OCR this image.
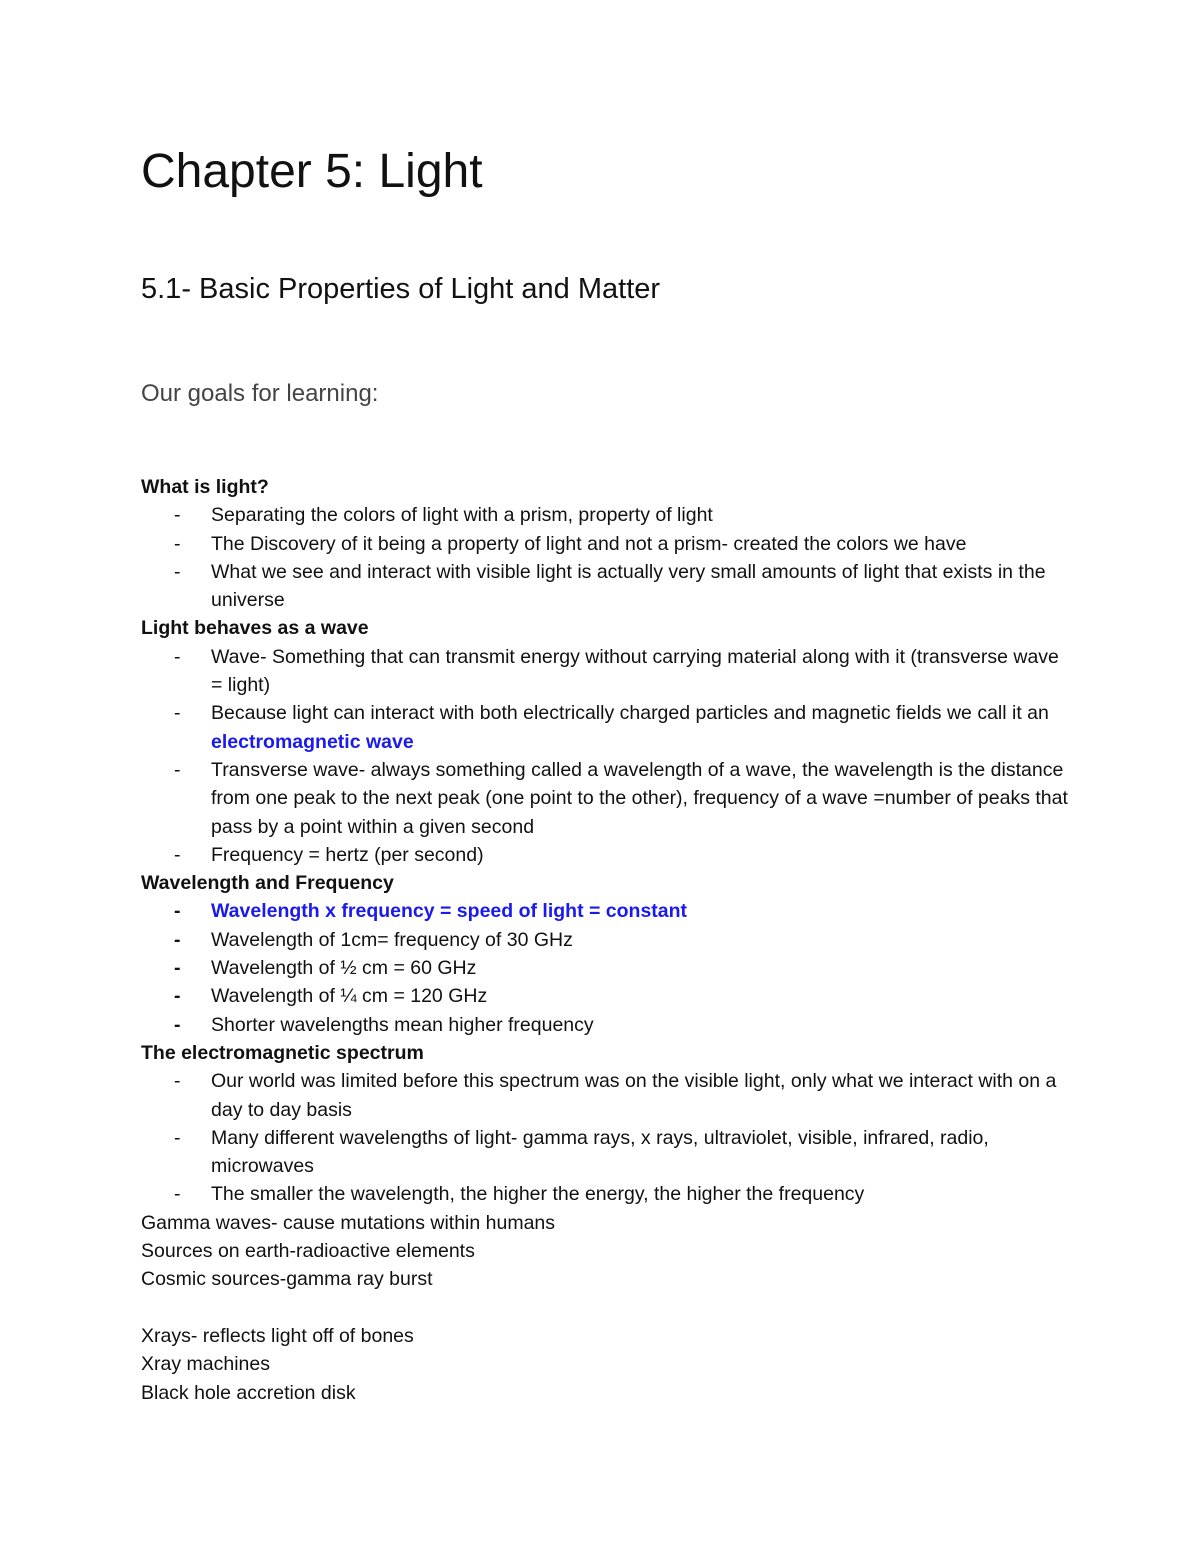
Chapter 5: Light
5.1- Basic Properties of Light and Matter
Our goals for learning:

What is light?

- Separating the colors of light with a prism, property of light
- The Discovery of it being a property of light and not a prism- created the colors we have
- What we see and interact with visible light is actually very small amounts of light that exists in the universe

Light behaves as a wave

- Wave- Something that can transmit energy without carrying material along with it (transverse wave = light)
- Because light can interact with both electrically charged particles and magnetic fields we call it an electromagnetic wave
- Transverse wave- always something called a wavelength of a wave, the wavelength is the distance from one peak to the next peak (one point to the other), frequency of a wave =number of peaks that pass by a point within a given second
- Frequency = hertz (per second)

Wavelength and Frequency

- Wavelength x frequency = speed of light = constant
- Wavelength of 1cm= frequency of 30 GHz
- Wavelength of ½ cm = 60 GHz
- Wavelength of ¼ cm = 120 GHz
- Shorter wavelengths mean higher frequency

The electromagnetic spectrum

- Our world was limited before this spectrum was on the visible light, only what we interact with on a day to day basis
- Many different wavelengths of light- gamma rays, x rays, ultraviolet, visible, infrared, radio, microwaves
- The smaller the wavelength, the higher the energy, the higher the frequency

Gamma waves- cause mutations within humans

Sources on earth-radioactive elements

Cosmic sources-gamma ray burst

Xrays- reflects light off of bones

Xray machines

Black hole accretion disk
